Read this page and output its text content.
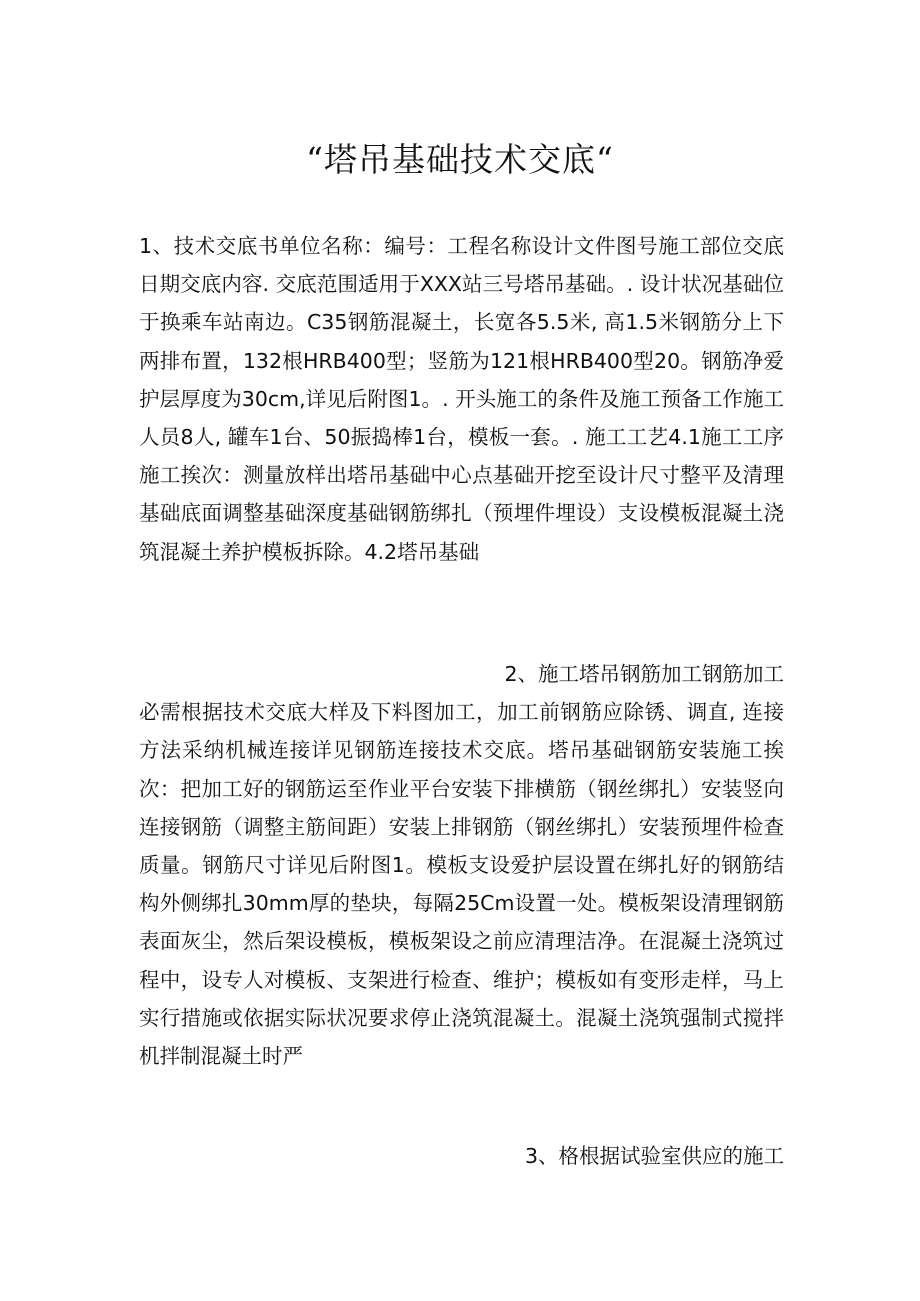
“塔吊基础技术交底“

1、技术交底书单位名称：编号：工程名称设计文件图号施工部位交底日期交底内容. 交底范围适用于XXX站三号塔吊基础。. 设计状况基础位于换乘车站南边。C35钢筋混凝土，长宽各5.5米, 高1.5米钢筋分上下两排布置，132根HRB400型；竖筋为121根HRB400型20。钢筋净爱护层厚度为30cm,详见后附图1。. 开头施工的条件及施工预备工作施工人员8人, 罐车1台、50振捣棒1台，模板一套。. 施工工艺4.1施工工序施工挨次：测量放样出塔吊基础中心点基础开挖至设计尺寸整平及清理基础底面调整基础深度基础钢筋绑扎（预埋件埋设）支设模板混凝土浇筑混凝土养护模板拆除。4.2塔吊基础

2、施工塔吊钢筋加工钢筋加工
必需根据技术交底大样及下料图加工，加工前钢筋应除锈、调直, 连接方法采纳机械连接详见钢筋连接技术交底。塔吊基础钢筋安装施工挨次：把加工好的钢筋运至作业平台安装下排横筋（钢丝绑扎）安装竖向连接钢筋（调整主筋间距）安装上排钢筋（钢丝绑扎）安装预埋件检查质量。钢筋尺寸详见后附图1。模板支设爱护层设置在绑扎好的钢筋结构外侧绑扎30mm厚的垫块，每隔25Cm设置一处。模板架设清理钢筋表面灰尘，然后架设模板，模板架设之前应清理洁净。在混凝土浇筑过程中，设专人对模板、支架进行检查、维护；模板如有变形走样，马上实行措施或依据实际状况要求停止浇筑混凝土。混凝土浇筑强制式搅拌机拌制混凝土时严
3、格根据试验室供应的施工
